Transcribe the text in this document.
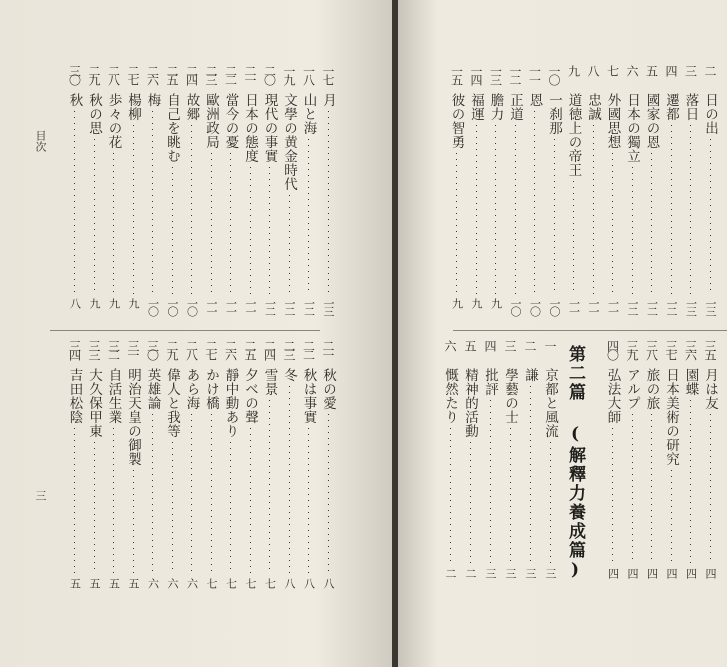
目次
三
一七
月
一三
一八
山と海
一二
一九
文學の黄金時代
一二
二〇
現代の事實
一二
二一
日本の態度
一一
二二
當今の憂
一一
二三
歐洲政局
一一
二四
故郷
一〇
二五
自己を眺む
一〇
二六
梅
一〇
二七
楊柳
九
二八
歩々の花
九
二九
秋の思
九
三〇
秋
八
二一
秋の愛
八
二二
秋は事實
八
二三
冬
八
二四
雪景
七
二五
夕べの聲
七
二六
靜中動あり
七
二七
かけ橋
七
二八
あら海
六
二九
偉人と我等
六
三〇
英雄論
六
三一
明治天皇の御製
五
三二
自活生業
五
三三
大久保甲東
五
三四
吉田松陰
五
二
日の出
一三
三
落日
一三
四
遷都
一二
五
國家の恩
一二
六
日本の獨立
一二
七
外國思想
一一
八
忠誠
一一
九
道徳上の帝王
一一
一〇
一刹那
一〇
一一
恩
一〇
一二
正道
一〇
一三
膽力
九
一四
福運
九
一五
彼の智勇
九
三五
月は友
四
三六
園蝶
四
三七
日本美術の研究
四
三八
旅の旅
四
三九
アルプ
四
四〇
弘法大師
四
第二篇 (解釋力養成篇)
一
京都と風流
三
二
謙
三
三
學藝の士
三
四
批評
三
五
精神的活動
二
六
慨然たり
二
